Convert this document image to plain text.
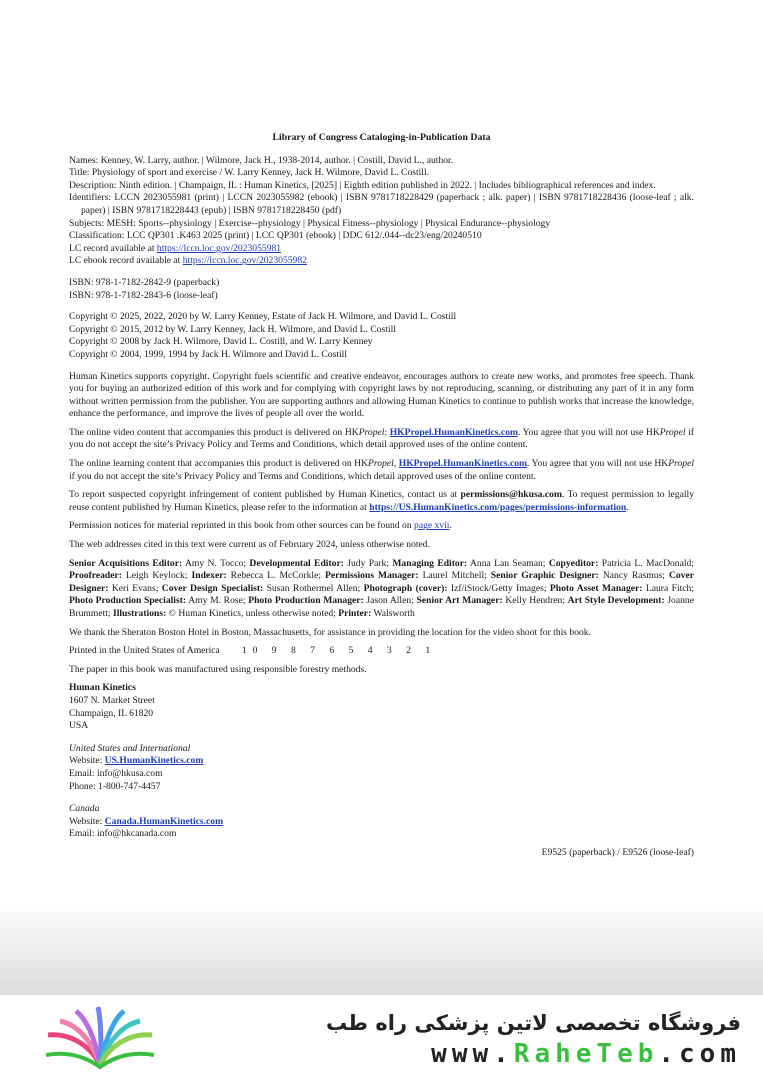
Library of Congress Cataloging-in-Publication Data

Names: Kenney, W. Larry, author. | Wilmore, Jack H., 1938-2014, author. | Costill, David L., author.

Title: Physiology of sport and exercise / W. Larry Kenney, Jack H. Wilmore, David L. Costill.

Description: Ninth edition. | Champaign, IL : Human Kinetics, [2025] | Eighth edition published in 2022. | Includes bibliographical references and index.

Identifiers: LCCN 2023055981 (print) | LCCN 2023055982 (ebook) | ISBN 9781718228429 (paperback ; alk. paper) | ISBN 9781718228436 (loose-leaf ; alk. paper) | ISBN 9781718228443 (epub) | ISBN 9781718228450 (pdf)

Subjects: MESH: Sports--physiology | Exercise--physiology | Physical Fitness--physiology | Physical Endurance--physiology

Classification: LCC QP301 .K463 2025 (print) | LCC QP301 (ebook) | DDC 612/.044--dc23/eng/20240510

LC record available at https://lccn.loc.gov/2023055981

LC ebook record available at https://lccn.loc.gov/2023055982

ISBN: 978-1-7182-2842-9 (paperback)

ISBN: 978-1-7182-2843-6 (loose-leaf)

Copyright © 2025, 2022, 2020 by W. Larry Kenney, Estate of Jack H. Wilmore, and David L. Costill

Copyright © 2015, 2012 by W. Larry Kenney, Jack H. Wilmore, and David L. Costill

Copyright © 2008 by Jack H. Wilmore, David L. Costill, and W. Larry Kenney

Copyright © 2004, 1999, 1994 by Jack H. Wilmore and David L. Costill

Human Kinetics supports copyright. Copyright fuels scientific and creative endeavor, encourages authors to create new works, and promotes free speech. Thank you for buying an authorized edition of this work and for complying with copyright laws by not reproducing, scanning, or distributing any part of it in any form without written permission from the publisher. You are supporting authors and allowing Human Kinetics to continue to publish works that increase the knowledge, enhance the performance, and improve the lives of people all over the world.

The online video content that accompanies this product is delivered on HKPropel: HKPropel.HumanKinetics.com. You agree that you will not use HKPropel if you do not accept the site’s Privacy Policy and Terms and Conditions, which detail approved uses of the online content.

The online learning content that accompanies this product is delivered on HKPropel, HKPropel.HumanKinetics.com. You agree that you will not use HKPropel if you do not accept the site’s Privacy Policy and Terms and Conditions, which detail approved uses of the online content.

To report suspected copyright infringement of content published by Human Kinetics, contact us at permissions@hkusa.com. To request permission to legally reuse content published by Human Kinetics, please refer to the information at https://US.HumanKinetics.com/pages/permissions-information.

Permission notices for material reprinted in this book from other sources can be found on page xvii.

The web addresses cited in this text were current as of February 2024, unless otherwise noted.

Senior Acquisitions Editor: Amy N. Tocco; Developmental Editor: Judy Park; Managing Editor: Anna Lan Seaman; Copyeditor: Patricia L. MacDonald; Proofreader: Leigh Keylock; Indexer: Rebecca L. McCorkle; Permissions Manager: Laurel Mitchell; Senior Graphic Designer: Nancy Rasmus; Cover Designer: Keri Evans; Cover Design Specialist: Susan Rothermel Allen; Photograph (cover): Izf/iStock/Getty Images; Photo Asset Manager: Laura Fitch; Photo Production Specialist: Amy M. Rose; Photo Production Manager: Jason Allen; Senior Art Manager: Kelly Hendren; Art Style Development: Joanne Brummett; Illustrations: © Human Kinetics, unless otherwise noted; Printer: Walsworth

We thank the Sheraton Boston Hotel in Boston, Massachusetts, for assistance in providing the location for the video shoot for this book.

Printed in the United States of America 10 9 8 7 6 5 4 3 2 1

The paper in this book was manufactured using responsible forestry methods.

Human Kinetics

1607 N. Market Street

Champaign, IL 61820

USA

United States and International

Website: US.HumanKinetics.com

Email: info@hkusa.com

Phone: 1-800-747-4457

Canada

Website: Canada.HumanKinetics.com

Email: info@hkcanada.com

E9525 (paperback) / E9526 (loose-leaf)

فروشگاه تخصصی لاتین پزشکی راه طب
www.RaheTeb.com
